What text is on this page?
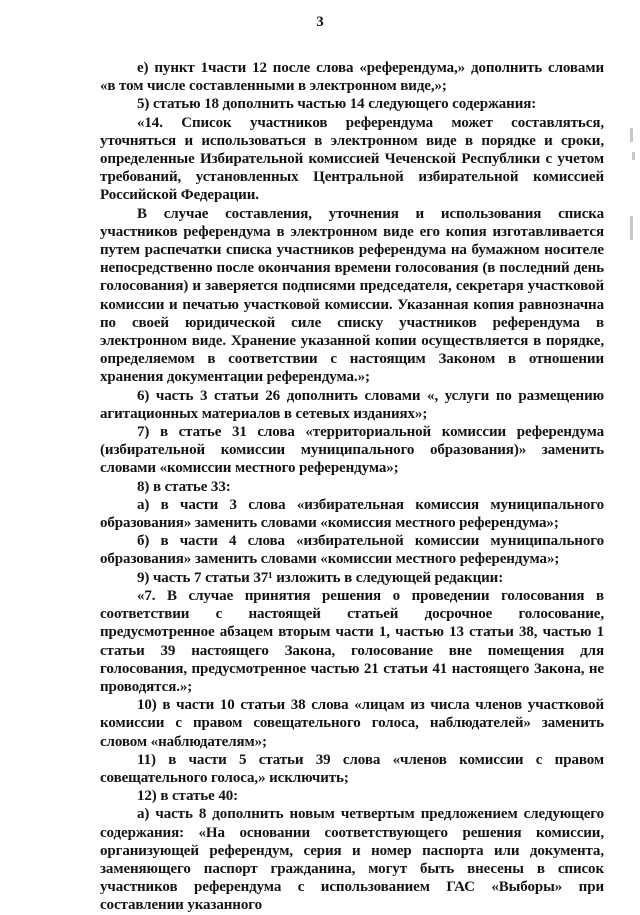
3

е) пункт 1части 12 после слова «референдума,» дополнить словами «в том числе составленными в электронном виде,»;

5) статью 18 дополнить частью 14 следующего содержания:

«14. Список участников референдума может составляться, уточняться и использоваться в электронном виде в порядке и сроки, определенные Избирательной комиссией Чеченской Республики с учетом требований, установленных Центральной избирательной комиссией Российской Федерации.

В случае составления, уточнения и использования списка участников референдума в электронном виде его копия изготавливается путем распечатки списка участников референдума на бумажном носителе непосредственно после окончания времени голосования (в последний день голосования) и заверяется подписями председателя, секретаря участковой комиссии и печатью участковой комиссии. Указанная копия равнозначна по своей юридической силе списку участников референдума в электронном виде. Хранение указанной копии осуществляется в порядке, определяемом в соответствии с настоящим Законом в отношении хранения документации референдума.»;

6) часть 3 статьи 26 дополнить словами «, услуги по размещению агитационных материалов в сетевых изданиях»;

7) в статье 31 слова «территориальной комиссии референдума (избирательной комиссии муниципального образования)» заменить словами «комиссии местного референдума»;

8) в статье 33:

а) в части 3 слова «избирательная комиссия муниципального образования» заменить словами «комиссия местного референдума»;

б) в части 4 слова «избирательной комиссии муниципального образования» заменить словами «комиссии местного референдума»;

9) часть 7 статьи 37¹ изложить в следующей редакции:

«7. В случае принятия решения о проведении голосования в соответствии с настоящей статьей досрочное голосование, предусмотренное абзацем вторым части 1, частью 13 статьи 38, частью 1 статьи 39 настоящего Закона, голосование вне помещения для голосования, предусмотренное частью 21 статьи 41 настоящего Закона, не проводятся.»;

10) в части 10 статьи 38 слова «лицам из числа членов участковой комиссии с правом совещательного голоса, наблюдателей» заменить словом «наблюдателям»;

11) в части 5 статьи 39 слова «членов комиссии с правом совещательного голоса,» исключить;

12) в статье 40:

а) часть 8 дополнить новым четвертым предложением следующего содержания: «На основании соответствующего решения комиссии, организующей референдум, серия и номер паспорта или документа, заменяющего паспорт гражданина, могут быть внесены в список участников референдума с использованием ГАС «Выборы» при составлении указанного
